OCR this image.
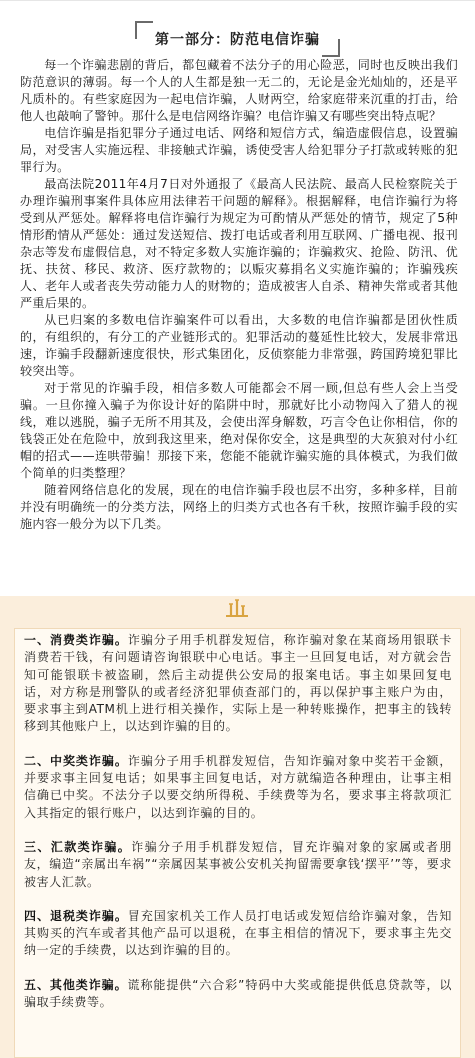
第一部分：防范电信诈骗

每一个诈骗悲剧的背后，都包藏着不法分子的用心险恶，同时也反映出我们防范意识的薄弱。每一个人的人生都是独一无二的，无论是金光灿灿的，还是平凡质朴的。有些家庭因为一起电信诈骗，人财两空，给家庭带来沉重的打击，给他人也敲响了警钟。那什么是电信网络诈骗？电信诈骗又有哪些突出特点呢？

电信诈骗是指犯罪分子通过电话、网络和短信方式，编造虚假信息，设置骗局，对受害人实施远程、非接触式诈骗，诱使受害人给犯罪分子打款或转账的犯罪行为。

最高法院2011年4月7日对外通报了《最高人民法院、最高人民检察院关于办理诈骗刑事案件具体应用法律若干问题的解释》。根据解释，电信诈骗行为将受到从严惩处。解释将电信诈骗行为规定为可酌情从严惩处的情节，规定了5种情形酌情从严惩处：通过发送短信、拨打电话或者利用互联网、广播电视、报刊杂志等发布虚假信息，对不特定多数人实施诈骗的；诈骗救灾、抢险、防汛、优抚、扶贫、移民、救济、医疗款物的；以赈灾募捐名义实施诈骗的；诈骗残疾人、老年人或者丧失劳动能力人的财物的；造成被害人自杀、精神失常或者其他严重后果的。

从已归案的多数电信诈骗案件可以看出，大多数的电信诈骗都是团伙性质的，有组织的，有分工的产业链形式的。犯罪活动的蔓延性比较大，发展非常迅速，诈骗手段翻新速度很快，形式集团化，反侦察能力非常强，跨国跨境犯罪比较突出等。

对于常见的诈骗手段，相信多数人可能都会不屑一顾,但总有些人会上当受骗。一旦你撞入骗子为你设计好的陷阱中时，那就好比小动物闯入了猎人的视线，难以逃脱，骗子无所不用其及，会使出浑身解数，巧言令色让你相信，你的钱袋正处在危险中，放到我这里来，绝对保你安全，这是典型的大灰狼对付小红帽的招式——连哄带骗！那接下来，您能不能就诈骗实施的具体模式，为我们做个简单的归类整理？

随着网络信息化的发展，现在的电信诈骗手段也层不出穷，多种多样，目前并没有明确统一的分类方法，网络上的归类方式也各有千秋，按照诈骗手段的实施内容一般分为以下几类。

一、消费类诈骗。诈骗分子用手机群发短信，称诈骗对象在某商场用银联卡消费若干钱，有问题请咨询银联中心电话。事主一旦回复电话，对方就会告知可能银联卡被盗刷，然后主动提供公安局的报案电话。事主如果回复电话，对方称是刑警队的或者经济犯罪侦查部门的，再以保护事主账户为由，要求事主到ATM机上进行相关操作，实际上是一种转账操作，把事主的钱转移到其他账户上，以达到诈骗的目的。
二、中奖类诈骗。诈骗分子用手机群发短信，告知诈骗对象中奖若干金额，并要求事主回复电话；如果事主回复电话，对方就编造各种理由，让事主相信确已中奖。不法分子以要交纳所得税、手续费等为名，要求事主将款项汇入其指定的银行账户，以达到诈骗的目的。
三、汇款类诈骗。诈骗分子用手机群发短信，冒充诈骗对象的家属或者朋友，编造“亲属出车祸”“亲属因某事被公安机关拘留需要拿钱‘摆平’”等，要求被害人汇款。
四、退税类诈骗。冒充国家机关工作人员打电话或发短信给诈骗对象，告知其购买的汽车或者其他产品可以退税，在事主相信的情况下，要求事主先交纳一定的手续费，以达到诈骗的目的。
五、其他类诈骗。谎称能提供“六合彩”特码中大奖或能提供低息贷款等，以骗取手续费等。
